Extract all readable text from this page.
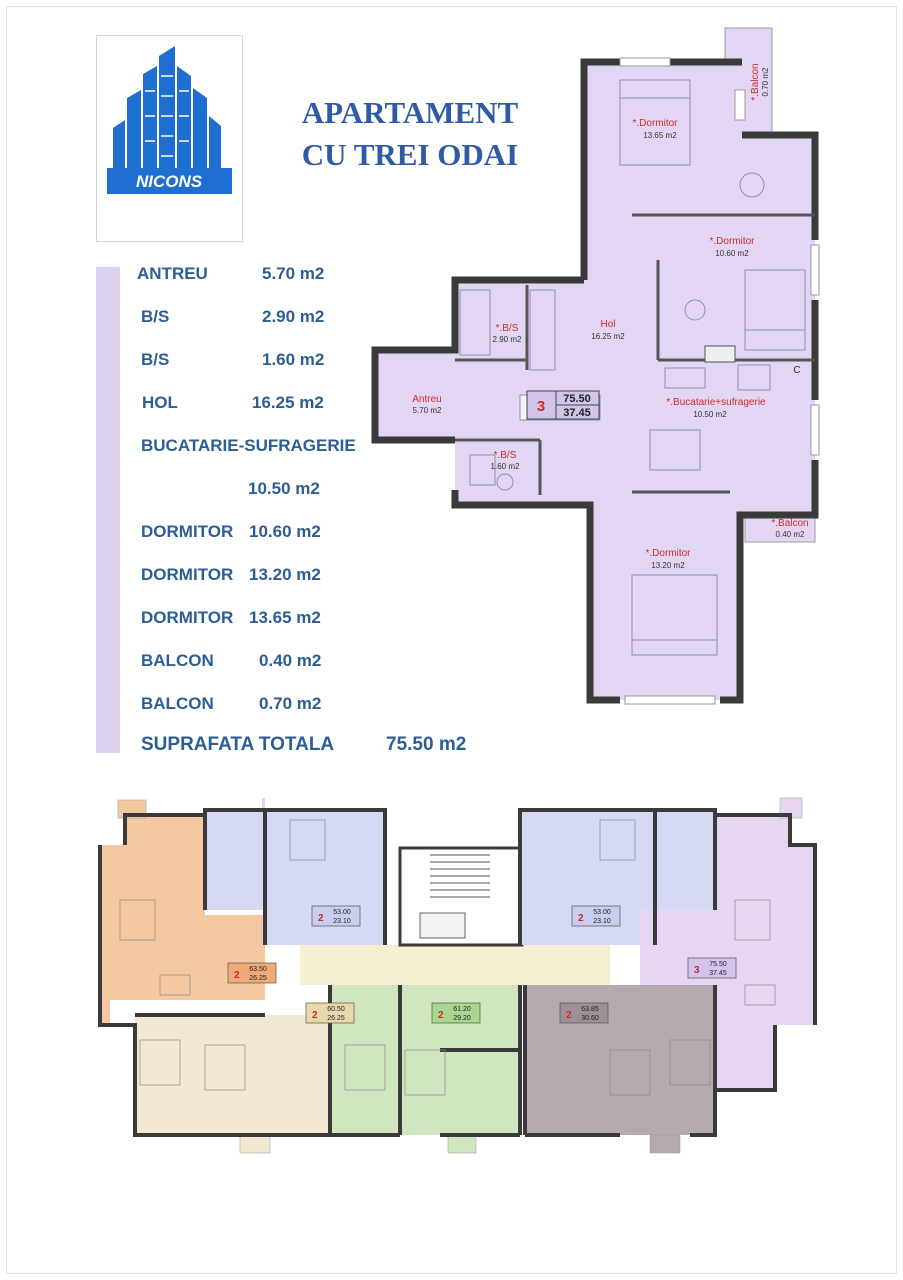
NICONS
APARTAMENT
CU TREI ODAI
ANTREU	5.70 m2
B/S	2.90 m2
B/S	1.60 m2
HOL	16.25 m2
BUCATARIE-SUFRAGERIE
10.50 m2
DORMITOR 10.60 m2
DORMITOR 13.20 m2
DORMITOR 13.65 m2
BALCON	0.40 m2
BALCON	0.70 m2
SUPRAFATA TOTALA	75.50 m2
*.Balcon 0.70 m2
*.Balcon
0.40 m2
*.Dormitor
13.65 m2
*.Dormitor
10.60 m2
Hol
16.25 m2
*.B/S
2.90 m2
Antreu
5.70 m2
*.B/S
1.60 m2
*.Bucatarie+sufragerie
10.50 m2
*.Dormitor
13.20 m2
C
3 75.50
37.45
2
53.00
23.10	2
53.00
23.10
2
63.50
26.25
3
75.50
37.45
2
60.50
26.25	2
61.20
29.20	2
63.85
30.60
